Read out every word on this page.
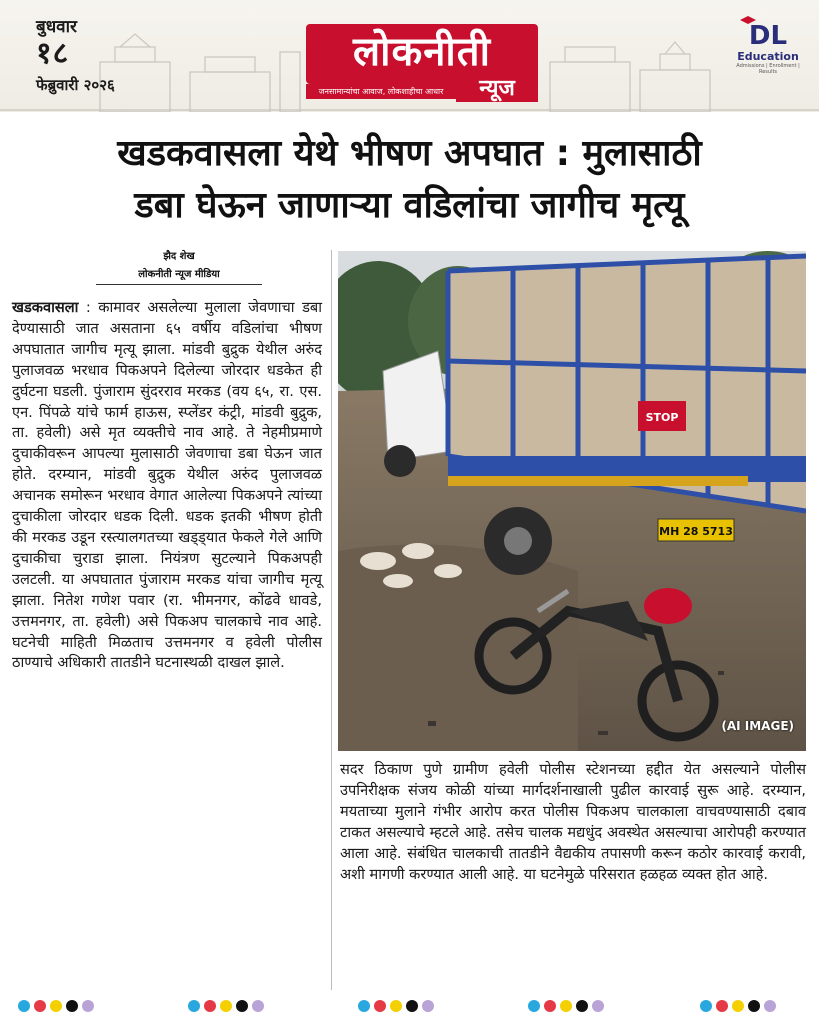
बुधवार
१८
फेब्रुवारी २०२६
लोकनीती
जनसामान्यांचा आवाज, लोकशाहीचा आधार	न्यूज
DL
Education
Admissions | Enrollment | Results
खडकवासला येथे भीषण अपघात : मुलासाठी
डबा घेऊन जाणाऱ्या वडिलांचा जागीच मृत्यू
झैद शेख
लोकनीती न्यूज मीडिया

खडकवासला : कामावर असलेल्या मुलाला जेवणाचा डबा देण्यासाठी जात असताना ६५ वर्षीय वडिलांचा भीषण अपघातात जागीच मृत्यू झाला. मांडवी बुद्रुक येथील अरुंद पुलाजवळ भरधाव पिकअपने दिलेल्या जोरदार धडकेत ही दुर्घटना घडली. पुंजाराम सुंदरराव मरकड (वय ६५, रा. एस. एन. पिंपळे यांचे फार्म हाऊस, स्प्लेंडर कंट्री, मांडवी बुद्रुक, ता. हवेली) असे मृत व्यक्तीचे नाव आहे. ते नेहमीप्रमाणे दुचाकीवरून आपल्या मुलासाठी जेवणाचा डबा घेऊन जात होते. दरम्यान, मांडवी बुद्रुक येथील अरुंद पुलाजवळ अचानक समोरून भरधाव वेगात आलेल्या पिकअपने त्यांच्या दुचाकीला जोरदार धडक दिली. धडक इतकी भीषण होती की मरकड उडून रस्त्यालगतच्या खड्ड्यात फेकले गेले आणि दुचाकीचा चुराडा झाला. नियंत्रण सुटल्याने पिकअपही उलटली. या अपघातात पुंजाराम मरकड यांचा जागीच मृत्यू झाला. नितेश गणेश पवार (रा. भीमनगर, कोंढवे धावडे, उत्तमनगर, ता. हवेली) असे पिकअप चालकाचे नाव आहे. घटनेची माहिती मिळताच उत्तमनगर व हवेली पोलीस ठाण्याचे अधिकारी तातडीने घटनास्थळी दाखल झाले.

MH 28 5713
STOP
(AI IMAGE)

सदर ठिकाण पुणे ग्रामीण हवेली पोलीस स्टेशनच्या हद्दीत येत असल्याने पोलीस उपनिरीक्षक संजय कोळी यांच्या मार्गदर्शनाखाली पुढील कारवाई सुरू आहे. दरम्यान, मयताच्या मुलाने गंभीर आरोप करत पोलीस पिकअप चालकाला वाचवण्यासाठी दबाव टाकत असल्याचे म्हटले आहे. तसेच चालक मद्यधुंद अवस्थेत असल्याचा आरोपही करण्यात आला आहे. संबंधित चालकाची तातडीने वैद्यकीय तपासणी करून कठोर कारवाई करावी, अशी मागणी करण्यात आली आहे. या घटनेमुळे परिसरात हळहळ व्यक्त होत आहे.
